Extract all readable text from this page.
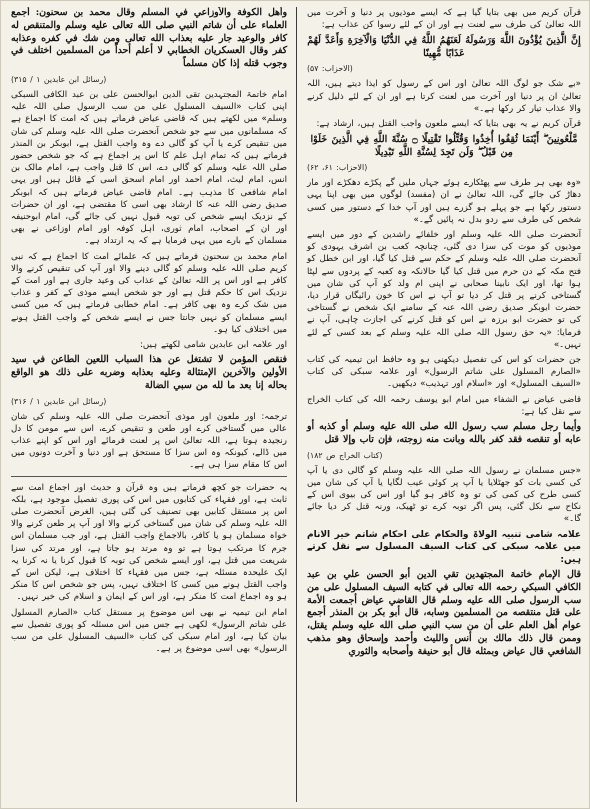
قرآن کریم میں بھی بتایا گیا ہے کہ ایسے موذیوں پر دنیا و آخرت میں اللہ تعالیٰ کی طرف سے لعنت ہے اور ان کے لئے رسوا کن عذاب ہے:

إِنَّ الَّذِينَ يُؤْذُونَ اللَّهَ وَرَسُولَهُ لَعَنَهُمُ اللَّهُ فِي الدُّنْيَا وَالْآخِرَةِ وَأَعَدَّ لَهُمْ عَذَابًا مُّهِينًا

(الاحزاب: ۵۷)

«بے شک جو لوگ اللہ تعالیٰ اور اس کے رسول کو ایذا دیتے ہیں، اللہ تعالیٰ ان پر دنیا اور آخرت میں لعنت کرتا ہے اور ان کے لئے ذلیل کرنے والا عذاب تیار کر رکھا ہے۔»

قرآن کریم نے یہ بھی بتایا کہ ایسے ملعون واجب القتل ہیں، ارشاد ہے:

مَّلْعُونِينَ ۖ أَيْنَمَا ثُقِفُوا أُخِذُوا وَقُتِّلُوا تَقْتِيلًا ۝ سُنَّةَ اللَّهِ فِي الَّذِينَ خَلَوْا مِن قَبْلُ ۖ وَلَن تَجِدَ لِسُنَّةِ اللَّهِ تَبْدِيلًا

(الاحزاب: ۶۱، ۶۲)

«وہ بھی ہر طرف سے پھٹکارے ہوئے جہاں ملیں گے پکڑے دھکڑے اور مار دھاڑ کی جائے گی، اللہ تعالیٰ نے ان (مفسد) لوگوں میں بھی اپنا یہی دستور رکھا ہے جو پہلے ہو گزرے ہیں اور آپ خدا کے دستور میں کسی شخص کی طرف سے ردو بدل نہ پائیں گے۔»

آنحضرت صلی اللہ علیہ وسلم اور خلفائے راشدین کے دور میں ایسے موذیوں کو موت کی سزا دی گئی، چنانچہ کعب بن اشرف یہودی کو آنحضرت صلی اللہ علیہ وسلم کے حکم سے قتل کیا گیا، اور ابن خطل کو فتح مکہ کے دن حرم میں قتل کیا گیا حالانکہ وہ کعبہ کے پردوں سے لپٹا ہوا تھا، اور ایک نابینا صحابی نے اپنی ام ولد کو آپ کی شان میں گستاخی کرنے پر قتل کر دیا تو آپ نے اس کا خون رائیگاں قرار دیا، حضرت ابوبکر صدیق رضی اللہ عنہ کے سامنے ایک شخص نے گستاخی کی تو حضرت ابو برزہ نے اس کو قتل کرنے کی اجازت چاہی، آپ نے فرمایا: «یہ حق رسول اللہ صلی اللہ علیہ وسلم کے بعد کسی کے لئے نہیں۔»

جن حضرات کو اس کی تفصیل دیکھنی ہو وہ حافظ ابن تیمیہ کی کتاب «الصارم المسلول علی شاتم الرسول» اور علامہ سبکی کی کتاب «السیف المسلول» اور «اسلام اور تہذیب» دیکھیں۔

قاضی عیاض نے الشفاء میں امام ابو یوسف رحمہ اللہ کی کتاب الخراج سے نقل کیا ہے:

وأيما رجل مسلم سب رسول الله صلى الله عليه وسلم أو كذبه أو عابه أو تنقصه فقد كفر بالله وبانت منه زوجته، فإن تاب وإلا قتل

(کتاب الخراج ص ۱۸۲)

«جس مسلمان نے رسول اللہ صلی اللہ علیہ وسلم کو گالی دی یا آپ کی کسی بات کو جھٹلایا یا آپ پر کوئی عیب لگایا یا آپ کی شان میں کسی طرح کی کمی کی تو وہ کافر ہو گیا اور اس کی بیوی اس کے نکاح سے نکل گئی، پس اگر توبہ کرے تو ٹھیک، ورنہ قتل کر دیا جائے گا۔»

علامہ شامی تنبیہ الولاۃ والحکام علی احکام شاتم خیر الانام میں علامہ سبکی کی کتاب السیف المسلول سے نقل کرتے ہیں:

قال الإمام خاتمة المجتهدين تقي الدين أبو الحسن علي بن عبد الكافي السبكي رحمه الله تعالى في كتابه السيف المسلول على من سب الرسول صلى الله عليه وسلم قال القاضي عياض أجمعت الأمة على قتل منتقصه من المسلمين وسابه، قال أبو بكر بن المنذر أجمع عوام أهل العلم على أن من سب النبي صلى الله عليه وسلم يقتل، وممن قال ذلك مالك بن أنس والليث وأحمد وإسحاق وهو مذهب الشافعي قال عياض وبمثله قال أبو حنيفة وأصحابه والثوري

وأهل الكوفة والأوزاعي في المسلم وقال محمد بن سحنون: أجمع العلماء على أن شاتم النبي صلى الله تعالى عليه وسلم والمتنقص له كافر والوعيد جار عليه بعذاب الله تعالى ومن شك في كفره وعذابه كفر وقال العسكريان الخطابي لا أعلم أحداً من المسلمين اختلف في وجوب قتله إذا كان مسلماً

(رسائل ابن عابدین ۱ / ۳۱۵)

امام خاتمۃ المجتہدین تقی الدین ابوالحسن علی بن عبد الکافی السبکی اپنی کتاب «السیف المسلول علی من سب الرسول صلی اللہ علیہ وسلم» میں لکھتے ہیں کہ قاضی عیاض فرماتے ہیں کہ امت کا اجماع ہے کہ مسلمانوں میں سے جو شخص آنحضرت صلی اللہ علیہ وسلم کی شان میں تنقیص کرے یا آپ کو گالی دے وہ واجب القتل ہے، ابوبکر بن المنذر فرماتے ہیں کہ تمام اہل علم کا اس پر اجماع ہے کہ جو شخص حضور صلی اللہ علیہ وسلم کو گالی دے، اس کا قتل واجب ہے، امام مالک بن انس، امام لیث، امام احمد اور امام اسحق اسی کے قائل ہیں اور یہی امام شافعی کا مذہب ہے۔ امام قاضی عیاض فرماتے ہیں کہ ابوبکر صدیق رضی اللہ عنہ کا ارشاد بھی اسی کا مقتضی ہے، اور ان حضرات کے نزدیک ایسے شخص کی توبہ قبول نہیں کی جائے گی، امام ابوحنیفہ اور ان کے اصحاب، امام ثوری، اہل کوفہ اور امام اوزاعی نے بھی مسلمان کے بارے میں یہی فرمایا ہے کہ یہ ارتداد ہے۔

امام محمد بن سحنون فرماتے ہیں کہ علمائے امت کا اجماع ہے کہ نبی کریم صلی اللہ علیہ وسلم کو گالی دینے والا اور آپ کی تنقیص کرنے والا کافر ہے اور اس پر اللہ تعالیٰ کے عذاب کی وعید جاری ہے اور امت کے نزدیک اس کا حکم قتل ہے اور جو شخص ایسے موذی کے کفر و عذاب میں شک کرے وہ بھی کافر ہے۔ امام خطابی فرماتے ہیں کہ میں کسی ایسے مسلمان کو نہیں جانتا جس نے ایسے شخص کے واجب القتل ہونے میں اختلاف کیا ہو۔

اور علامہ ابن عابدین شامی لکھتے ہیں:

فنقص المؤمن لا تشتغل عن هذا السباب اللعين الطاعن في سيد الأولين والآخرين الإمتثالة وعليه بعذابه وضربه على ذلك هو الواقع بحاله إنا بعد ما لله من سبي الضالة

(رسائل ابن عابدین ۱ / ۳۱۶)

ترجمہ: اور ملعون اور موذی آنحضرت صلی اللہ علیہ وسلم کی شان عالی میں گستاخی کرے اور طعن و تنقیص کرے، اس سے مومن کا دل رنجیدہ ہوتا ہے، اللہ تعالیٰ اس پر لعنت فرمائے اور اس کو اپنے عذاب میں ڈالے، کیونکہ وہ اس سزا کا مستحق ہے اور دنیا و آخرت دونوں میں اس کا مقام سزا ہی ہے۔

یہ حضرات جو کچھ فرماتے ہیں وہ قرآن و حدیث اور اجماع امت سے ثابت ہے، اور فقہاء کی کتابوں میں اس کی پوری تفصیل موجود ہے، بلکہ اس پر مستقل کتابیں بھی تصنیف کی گئی ہیں، الغرض آنحضرت صلی اللہ علیہ وسلم کی شان میں گستاخی کرنے والا اور آپ پر طعن کرنے والا خواہ مسلمان ہو یا کافر، بالاجماع واجب القتل ہے، اور جب مسلمان اس جرم کا مرتکب ہوتا ہے تو وہ مرتد ہو جاتا ہے، اور مرتد کی سزا شریعت میں قتل ہے، اور ایسے شخص کی توبہ کا قبول کرنا یا نہ کرنا یہ ایک علیحدہ مسئلہ ہے، جس میں فقہاء کا اختلاف ہے، لیکن اس کے واجب القتل ہونے میں کسی کا اختلاف نہیں، پس جو شخص اس کا منکر ہو وہ اجماع امت کا منکر ہے، اور اس کے ایمان و اسلام کی خیر نہیں۔

امام ابن تیمیہ نے بھی اس موضوع پر مستقل کتاب «الصارم المسلول علی شاتم الرسول» لکھی ہے جس میں اس مسئلہ کو پوری تفصیل سے بیان کیا ہے، اور امام سبکی کی کتاب «السیف المسلول علی من سب الرسول» بھی اسی موضوع پر ہے۔
